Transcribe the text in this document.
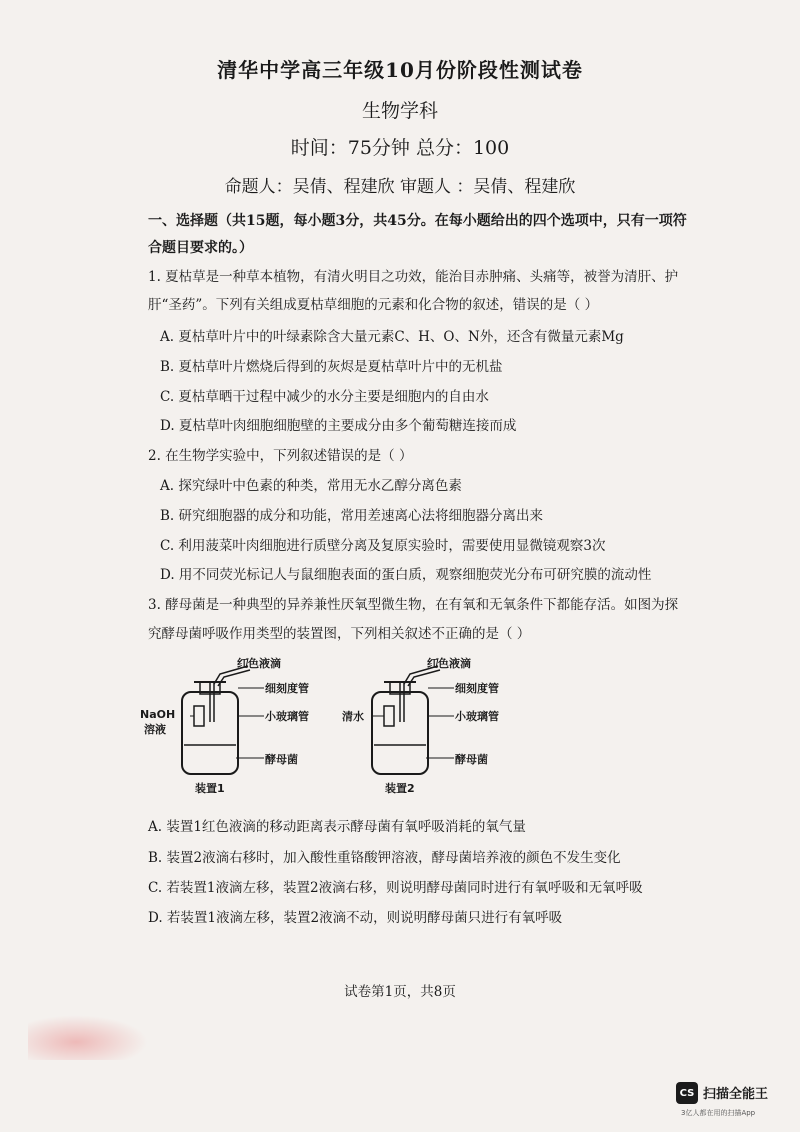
清华中学高三年级10月份阶段性测试卷
生物学科
时间：75分钟 总分：100
命题人：吴倩、程建欣 审题人 ：吴倩、程建欣
一、选择题（共15题，每小题3分，共45分。在每小题给出的四个选项中，只有一项符
合题目要求的。）
1. 夏枯草是一种草本植物，有清火明目之功效，能治目赤肿痛、头痛等，被誉为清肝、护
肝“圣药”。下列有关组成夏枯草细胞的元素和化合物的叙述，错误的是（ ）
A. 夏枯草叶片中的叶绿素除含大量元素C、H、O、N外，还含有微量元素Mg
B. 夏枯草叶片燃烧后得到的灰烬是夏枯草叶片中的无机盐
C. 夏枯草晒干过程中减少的水分主要是细胞内的自由水
D. 夏枯草叶肉细胞细胞壁的主要成分由多个葡萄糖连接而成
2. 在生物学实验中，下列叙述错误的是（ ）
A. 探究绿叶中色素的种类，常用无水乙醇分离色素
B. 研究细胞器的成分和功能，常用差速离心法将细胞器分离出来
C. 利用菠菜叶肉细胞进行质壁分离及复原实验时，需要使用显微镜观察3次
D. 用不同荧光标记人与鼠细胞表面的蛋白质，观察细胞荧光分布可研究膜的流动性
3. 酵母菌是一种典型的异养兼性厌氧型微生物，在有氧和无氧条件下都能存活。如图为探
究酵母菌呼吸作用类型的装置图，下列相关叙述不正确的是（ ）
红色液滴
细刻度管
小玻璃管
NaOH
溶液
酵母菌
装置1
红色液滴
细刻度管
小玻璃管
清水
酵母菌
装置2
A. 装置1红色液滴的移动距离表示酵母菌有氧呼吸消耗的氧气量
B. 装置2液滴右移时，加入酸性重铬酸钾溶液，酵母菌培养液的颜色不发生变化
C. 若装置1液滴左移，装置2液滴右移，则说明酵母菌同时进行有氧呼吸和无氧呼吸
D. 若装置1液滴左移，装置2液滴不动，则说明酵母菌只进行有氧呼吸
试卷第1页，共8页
CS 扫描全能王
3亿人都在用的扫描App
